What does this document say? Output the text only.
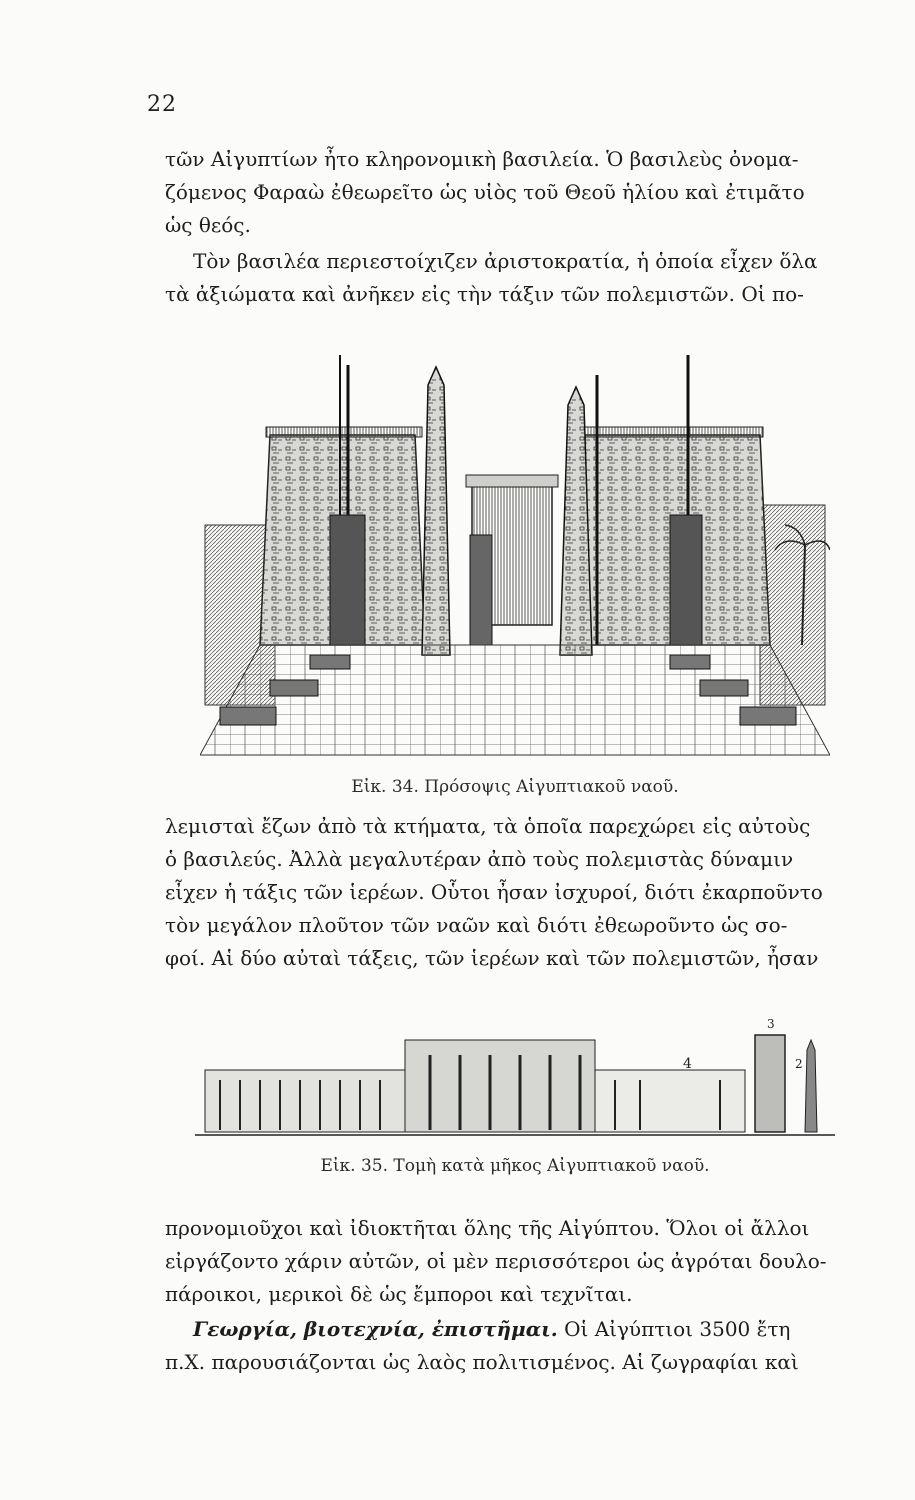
22
τῶν Αἰγυπτίων ἦτο κληρονομικὴ βασιλεία. Ὁ βασιλεὺς ὀνομα-
ζόμενος Φαραὼ ἐθεωρεῖτο ὡς υἱὸς τοῦ Θεοῦ ἡλίου καὶ ἐτιμᾶτο
ὡς θεός.
Τὸν βασιλέα περιεστοίχιζεν ἀριστοκρατία, ἡ ὁποία εἶχεν ὅλα
τὰ ἀξιώματα καὶ ἀνῆκεν εἰς τὴν τάξιν τῶν πολεμιστῶν. Οἱ πο-
Εἰκ. 34. Πρόσοψις Αἰγυπτιακοῦ ναοῦ.
λεμισταὶ ἔζων ἀπὸ τὰ κτήματα, τὰ ὁποῖα παρεχώρει εἰς αὐτοὺς
ὁ βασιλεύς. Ἀλλὰ μεγαλυτέραν ἀπὸ τοὺς πολεμιστὰς δύναμιν
εἶχεν ἡ τάξις τῶν ἱερέων. Οὗτοι ἦσαν ἰσχυροί, διότι ἐκαρποῦντο
τὸν μεγάλον πλοῦτον τῶν ναῶν καὶ διότι ἐθεωροῦντο ὡς σο-
φοί. Αἱ δύο αὐταὶ τάξεις, τῶν ἱερέων καὶ τῶν πολεμιστῶν, ἦσαν
4	2
3
Εἰκ. 35. Τομὴ κατὰ μῆκος Αἰγυπτιακοῦ ναοῦ.
προνομιοῦχοι καὶ ἰδιοκτῆται ὅλης τῆς Αἰγύπτου. Ὅλοι οἱ ἄλλοι
εἰργάζοντο χάριν αὐτῶν, οἱ μὲν περισσότεροι ὡς ἀγρόται δουλο-
πάροικοι, μερικοὶ δὲ ὡς ἔμποροι καὶ τεχνῖται.
Γεωργία, βιοτεχνία, ἐπιστῆμαι. Οἱ Αἰγύπτιοι 3500 ἔτη
π.Χ. παρουσιάζονται ὡς λαὸς πολιτισμένος. Αἱ ζωγραφίαι καὶ
